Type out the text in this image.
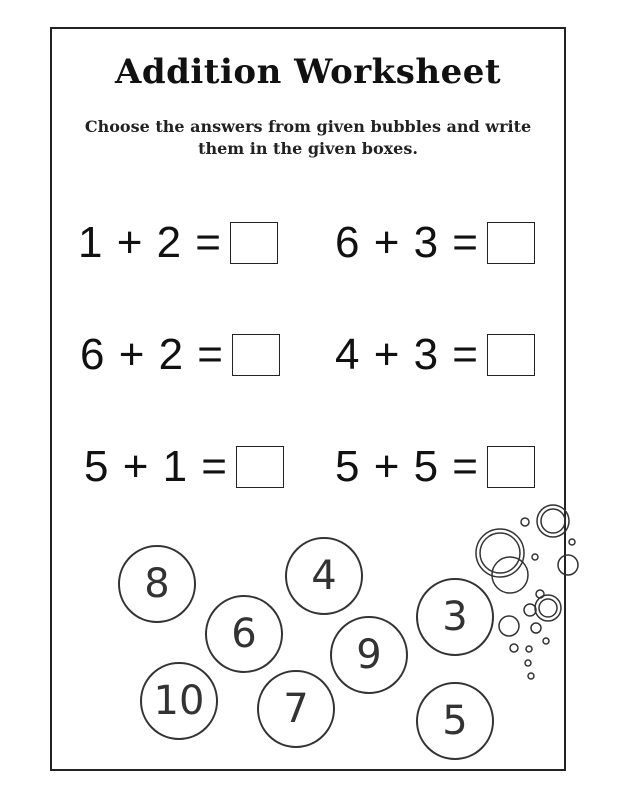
Addition Worksheet
Choose the answers from given bubbles and write them in the given boxes.
1 + 2 =
6 + 2 =
5 + 1 =
6 + 3 =
4 + 3 =
5 + 5 =
8	4
6	3
9
10	7	5
